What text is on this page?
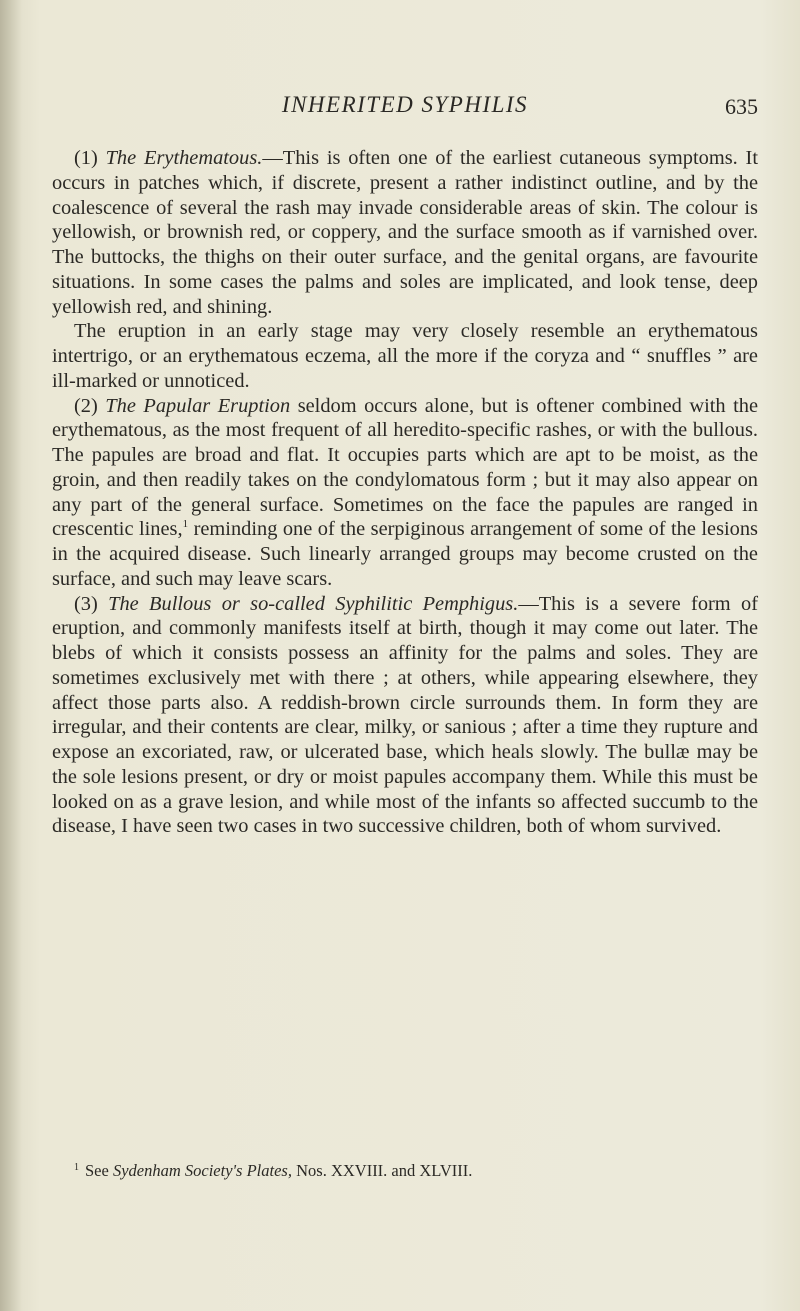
INHERITED SYPHILIS	635

(1) The Erythematous.—This is often one of the earliest cutaneous symptoms. It occurs in patches which, if discrete, present a rather indistinct outline, and by the coalescence of several the rash may invade considerable areas of skin. The colour is yellowish, or brownish red, or coppery, and the surface smooth as if varnished over. The buttocks, the thighs on their outer surface, and the genital organs, are favourite situations. In some cases the palms and soles are implicated, and look tense, deep yellowish red, and shining.

The eruption in an early stage may very closely resemble an erythematous intertrigo, or an erythematous eczema, all the more if the coryza and “ snuffles ” are ill-marked or unnoticed.

(2) The Papular Eruption seldom occurs alone, but is oftener combined with the erythematous, as the most frequent of all heredito-specific rashes, or with the bullous. The papules are broad and flat. It occupies parts which are apt to be moist, as the groin, and then readily takes on the condylomatous form ; but it may also appear on any part of the general surface. Sometimes on the face the papules are ranged in crescentic lines,$^1$ reminding one of the serpiginous arrangement of some of the lesions in the acquired disease. Such linearly arranged groups may become crusted on the surface, and such may leave scars.

(3) The Bullous or so-called Syphilitic Pemphigus.—This is a severe form of eruption, and commonly manifests itself at birth, though it may come out later. The blebs of which it consists possess an affinity for the palms and soles. They are sometimes exclusively met with there ; at others, while appearing elsewhere, they affect those parts also. A reddish-brown circle surrounds them. In form they are irregular, and their contents are clear, milky, or sanious ; after a time they rupture and expose an excoriated, raw, or ulcerated base, which heals slowly. The bullæ may be the sole lesions present, or dry or moist papules accompany them. While this must be looked on as a grave lesion, and while most of the infants so affected succumb to the disease, I have seen two cases in two successive children, both of whom survived.

$^1$ See Sydenham Society's Plates, Nos. XXVIII. and XLVIII.
